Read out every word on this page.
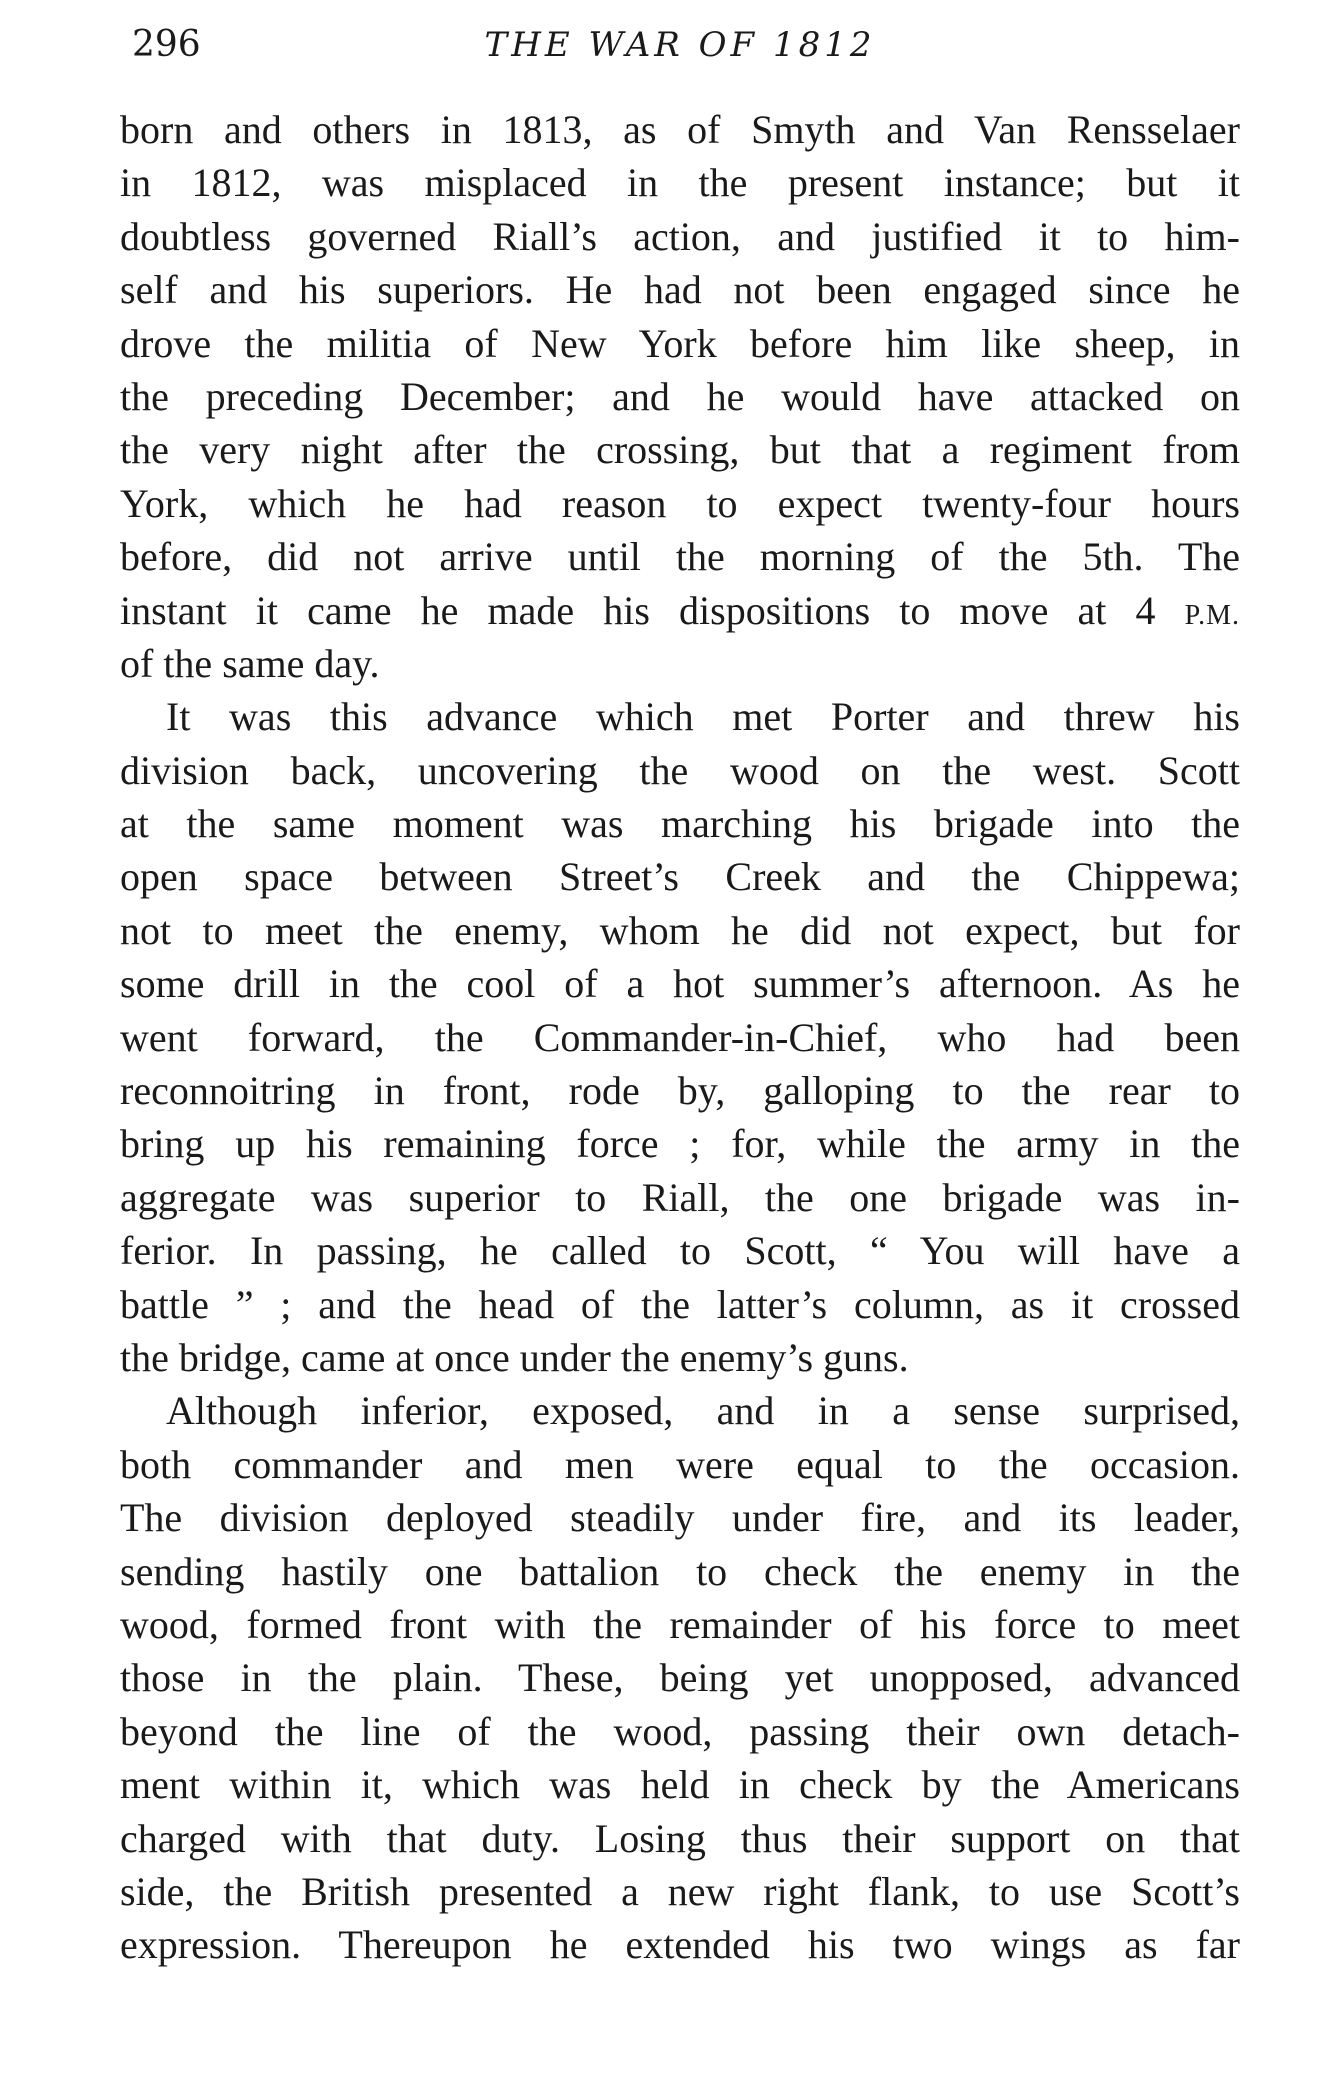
296	THE WAR OF 1812
born and others in 1813, as of Smyth and Van Rensselaer
in 1812, was misplaced in the present instance; but it
doubtless governed Riall’s action, and justified it to him-
self and his superiors. He had not been engaged since he
drove the militia of New York before him like sheep, in
the preceding December; and he would have attacked on
the very night after the crossing, but that a regiment from
York, which he had reason to expect twenty-four hours
before, did not arrive until the morning of the 5th. The
instant it came he made his dispositions to move at 4 P.M.
of the same day.
It was this advance which met Porter and threw his
division back, uncovering the wood on the west. Scott
at the same moment was marching his brigade into the
open space between Street’s Creek and the Chippewa;
not to meet the enemy, whom he did not expect, but for
some drill in the cool of a hot summer’s afternoon. As he
went forward, the Commander-in-Chief, who had been
reconnoitring in front, rode by, galloping to the rear to
bring up his remaining force ; for, while the army in the
aggregate was superior to Riall, the one brigade was in-
ferior. In passing, he called to Scott, “ You will have a
battle ” ; and the head of the latter’s column, as it crossed
the bridge, came at once under the enemy’s guns.
Although inferior, exposed, and in a sense surprised,
both commander and men were equal to the occasion.
The division deployed steadily under fire, and its leader,
sending hastily one battalion to check the enemy in the
wood, formed front with the remainder of his force to meet
those in the plain. These, being yet unopposed, advanced
beyond the line of the wood, passing their own detach-
ment within it, which was held in check by the Americans
charged with that duty. Losing thus their support on that
side, the British presented a new right flank, to use Scott’s
expression. Thereupon he extended his two wings as far
